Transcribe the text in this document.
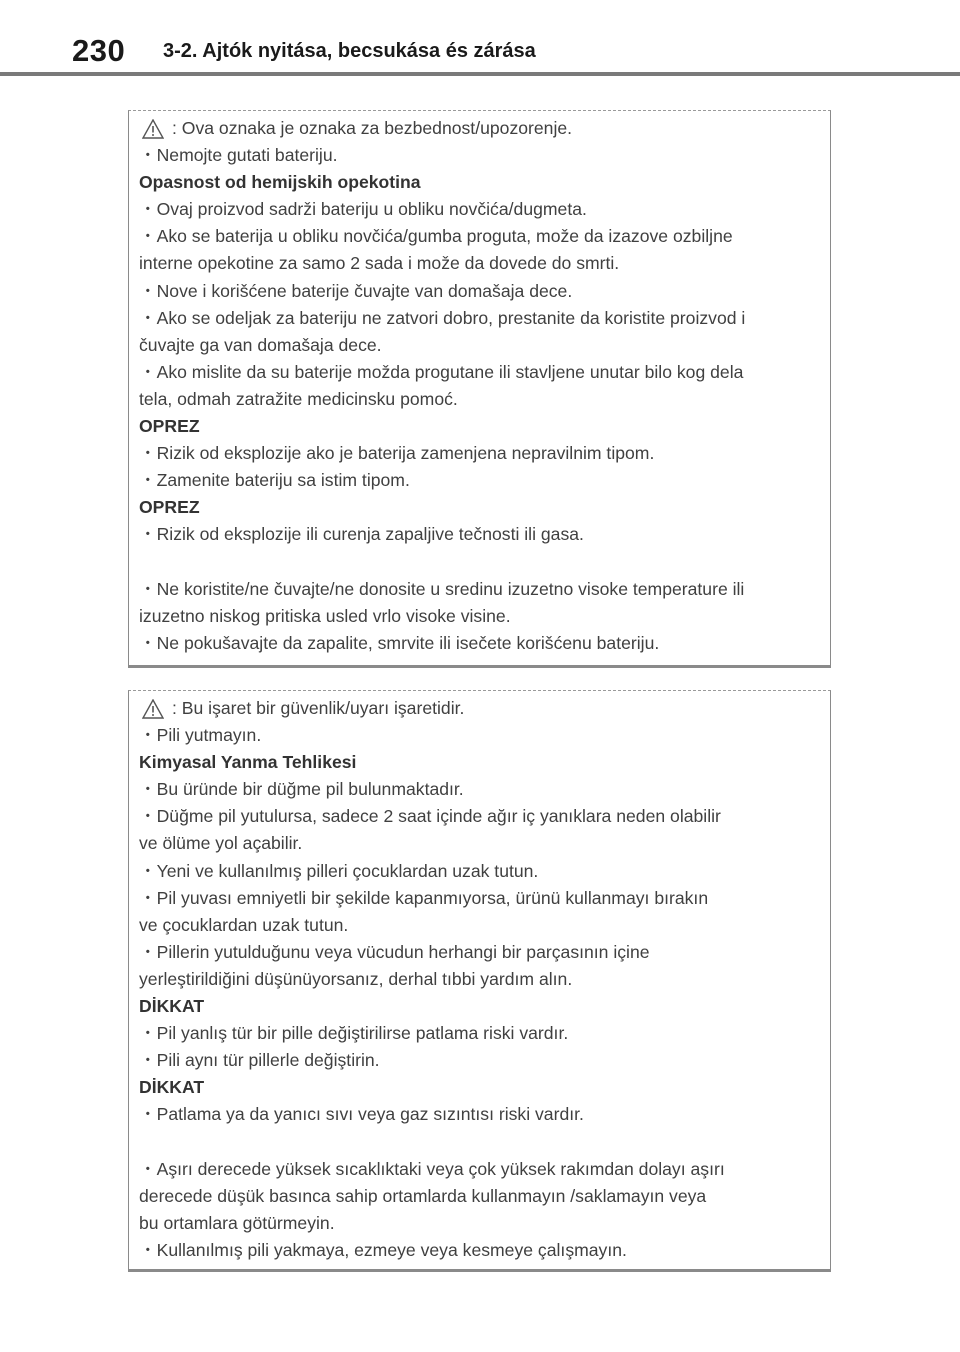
230 3-2. Ajtók nyitása, becsukása és zárása
: Ova oznaka je oznaka za bezbednost/upozorenje.
・Nemojte gutati bateriju.
Opasnost od hemijskih opekotina
・Ovaj proizvod sadrži bateriju u obliku novčića/dugmeta.
・Ako se baterija u obliku novčića/gumba proguta, može da izazove ozbiljne
interne opekotine za samo 2 sada i može da dovede do smrti.
・Nove i korišćene baterije čuvajte van domašaja dece.
・Ako se odeljak za bateriju ne zatvori dobro, prestanite da koristite proizvod i
čuvajte ga van domašaja dece.
・Ako mislite da su baterije možda progutane ili stavljene unutar bilo kog dela
tela, odmah zatražite medicinsku pomoć.
OPREZ
・Rizik od eksplozije ako je baterija zamenjena nepravilnim tipom.
・Zamenite bateriju sa istim tipom.
OPREZ
・Rizik od eksplozije ili curenja zapaljive tečnosti ili gasa.
・Ne koristite/ne čuvajte/ne donosite u sredinu izuzetno visoke temperature ili
izuzetno niskog pritiska usled vrlo visoke visine.
・Ne pokušavajte da zapalite, smrvite ili isečete korišćenu bateriju.
: Bu işaret bir güvenlik/uyarı işaretidir.
・Pili yutmayın.
Kimyasal Yanma Tehlikesi
・Bu üründe bir düğme pil bulunmaktadır.
・Düğme pil yutulursa, sadece 2 saat içinde ağır iç yanıklara neden olabilir
ve ölüme yol açabilir.
・Yeni ve kullanılmış pilleri çocuklardan uzak tutun.
・Pil yuvası emniyetli bir şekilde kapanmıyorsa, ürünü kullanmayı bırakın
ve çocuklardan uzak tutun.
・Pillerin yutulduğunu veya vücudun herhangi bir parçasının içine
yerleştirildiğini düşünüyorsanız, derhal tıbbi yardım alın.
DİKKAT
・Pil yanlış tür bir pille değiştirilirse patlama riski vardır.
・Pili aynı tür pillerle değiştirin.
DİKKAT
・Patlama ya da yanıcı sıvı veya gaz sızıntısı riski vardır.
・Aşırı derecede yüksek sıcaklıktaki veya çok yüksek rakımdan dolayı aşırı
derecede düşük basınca sahip ortamlarda kullanmayın /saklamayın veya
bu ortamlara götürmeyin.
・Kullanılmış pili yakmaya, ezmeye veya kesmeye çalışmayın.
